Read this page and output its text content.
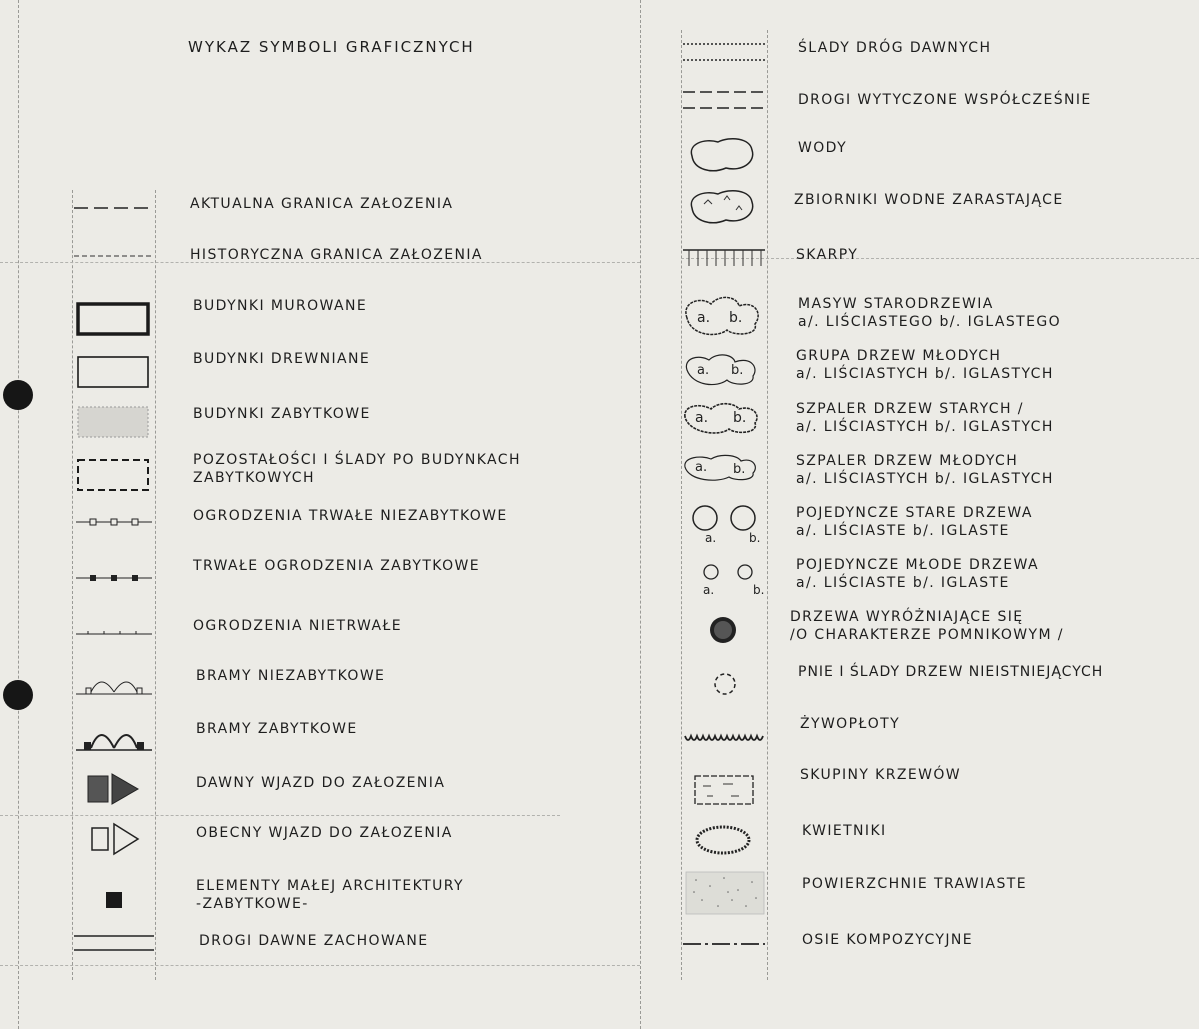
WYKAZ SYMBOLI GRAFICZNYCH
AKTUALNA GRANICA ZAŁOZENIA
HISTORYCZNA GRANICA ZAŁOZENIA
BUDYNKI MUROWANE
BUDYNKI DREWNIANE
BUDYNKI ZABYTKOWE
POZOSTAŁOŚCI I ŚLADY PO BUDYNKACH
ZABYTKOWYCH
OGRODZENIA TRWAŁE NIEZABYTKOWE
TRWAŁE OGRODZENIA ZABYTKOWE
OGRODZENIA NIETRWAŁE
BRAMY NIEZABYTKOWE
BRAMY ZABYTKOWE
DAWNY WJAZD DO ZAŁOZENIA
OBECNY WJAZD DO ZAŁOZENIA
ELEMENTY MAŁEJ ARCHITEKTURY
-ZABYTKOWE-
DROGI DAWNE ZACHOWANE
a. b.
a. b.
a. b.
a. b.
a.	b.
a.	b.
ŚLADY DRÓG DAWNYCH
DROGI WYTYCZONE WSPÓŁCZEŚNIE
WODY
ZBIORNIKI WODNE ZARASTAJĄCE
SKARPY
MASYW STARODRZEWIA
a/. LIŚCIASTEGO b/. IGLASTEGO
GRUPA DRZEW MŁODYCH
a/. LIŚCIASTYCH b/. IGLASTYCH
SZPALER DRZEW STARYCH /
a/. LIŚCIASTYCH b/. IGLASTYCH
SZPALER DRZEW MŁODYCH
a/. LIŚCIASTYCH b/. IGLASTYCH
POJEDYNCZE STARE DRZEWA
a/. LIŚCIASTE b/. IGLASTE
POJEDYNCZE MŁODE DRZEWA
a/. LIŚCIASTE b/. IGLASTE
DRZEWA WYRÓŻNIAJĄCE SIĘ
/O CHARAKTERZE POMNIKOWYM /
PNIE I ŚLADY DRZEW NIEISTNIEJĄCYCH
ŻYWOPŁOTY
SKUPINY KRZEWÓW
KWIETNIKI
POWIERZCHNIE TRAWIASTE
OSIE KOMPOZYCYJNE
